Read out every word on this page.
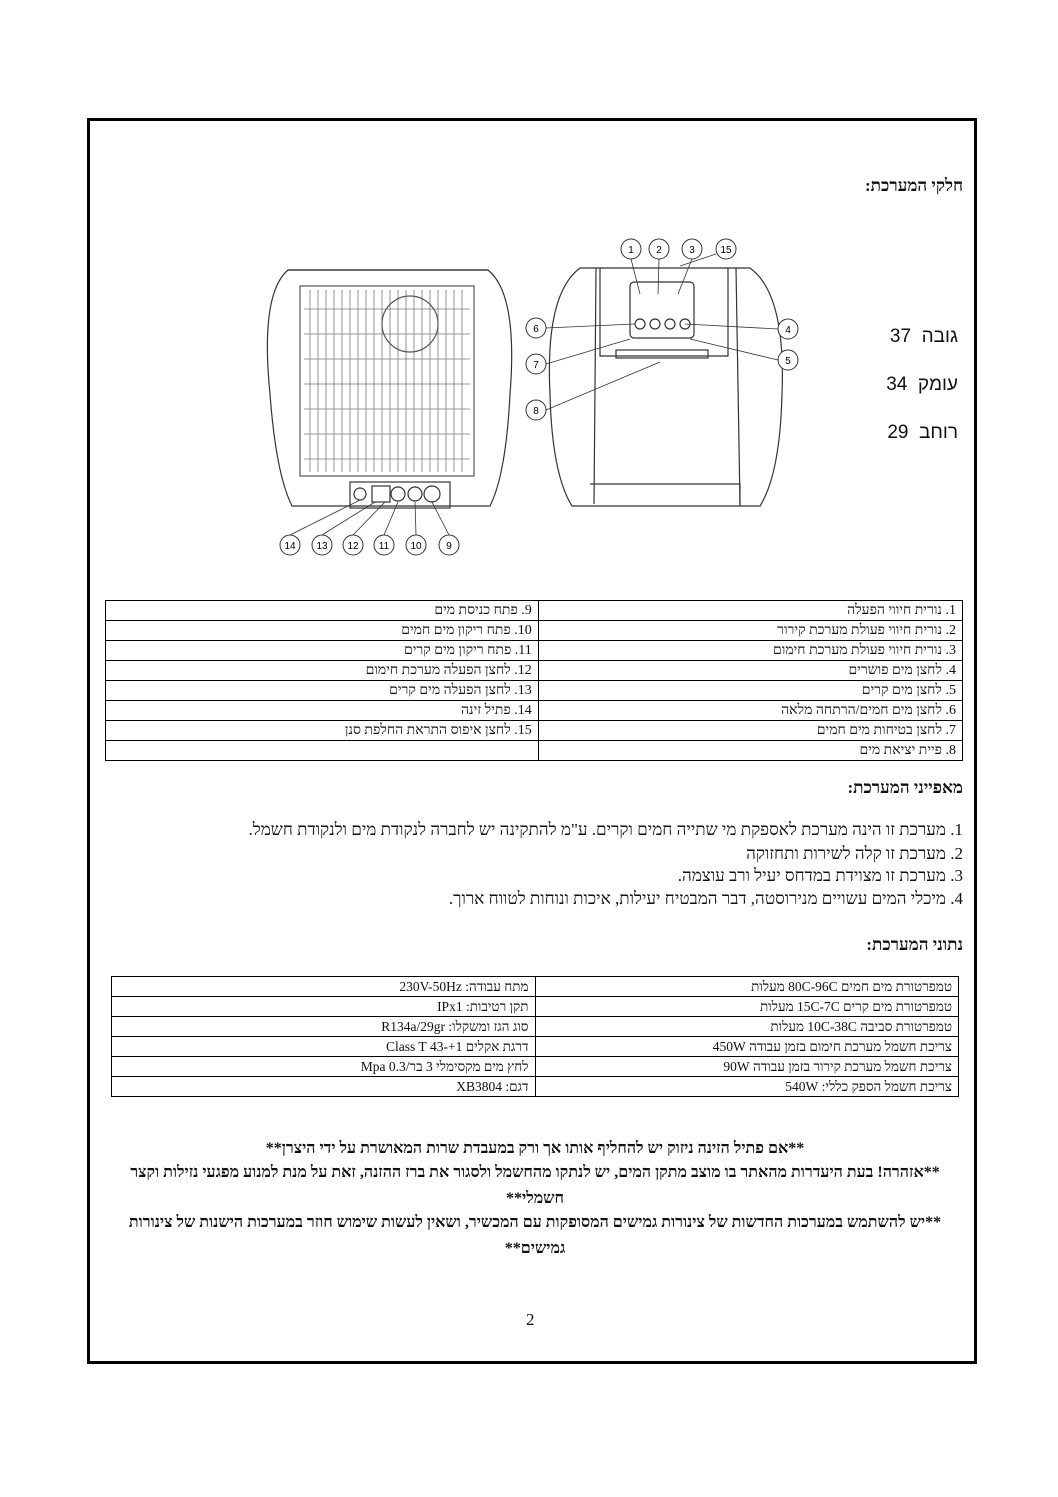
חלקי המערכת:
1 2	3	15
6	4
7	5
8
14 13 12 11 10 9
גובה  37
עומק  34
רוחב  29
1. נורית חיווי הפעלה	9. פתח כניסת מים
2. נורית חיווי פעולת מערכת קירור	10. פתח ריקון מים חמים
3. נורית חיווי פעולת מערכת חימום	11. פתח ריקון מים קרים
4. לחצן מים פושרים	12. לחצן הפעלה מערכת חימום
5. לחצן מים קרים	13. לחצן הפעלה מים קרים
6. לחצן מים חמים/הרתחה מלאה	14. פתיל זינה
7. לחצן בטיחות מים חמים	15. לחצן איפוס התראת החלפת סנן
8. פיית יציאת מים	
מאפייני המערכת:
1. מערכת זו הינה מערכת לאספקת מי שתייה חמים וקרים. ע"מ להתקינה יש לחברה לנקודת מים ולנקודת חשמל.
2. מערכת זו קלה לשירות ותחזוקה
3. מערכת זו מצוידת במדחס יעיל ורב עוצמה.
4. מיכלי המים עשויים מנירוסטה, דבר המבטיח יעילות, איכות ונוחות לטווח ארוך.
נתוני המערכת:
טמפרטורת מים חמים 80C-96C מעלות	מתח עבודה: 230V-50Hz
טמפרטורת מים קרים 15C-7C מעלות	תקן רטיבות: IPx1
טמפרטורת סביבה 10C-38C מעלות	סוג הגז ומשקלו: R134a/29gr
צריכת חשמל מערכת חימום בזמן עבודה 450W	דרגת אקלים 1+-43 Class T
צריכת חשמל מערכת קירור בזמן עבודה 90W	לחץ מים מקסימלי 3 בר/Mpa 0.3
צריכת חשמל הספק כללי: 540W	דגם: XB3804
**אם פתיל הזינה ניזוק יש להחליף אותו אך ורק במעבדת שרות המאושרת על ידי היצרן**
**אזהרה! בעת היעדרות מהאתר בו מוצב מתקן המים, יש לנתקו מהחשמל ולסגור את ברז ההזנה, זאת על מנת למנוע מפגעי נזילות וקצר חשמלי**
**יש להשתמש במערכות החדשות של צינורות גמישים המסופקות עם המכשיר, ושאין לעשות שימוש חוזר במערכות הישנות של צינורות גמישים**
2
